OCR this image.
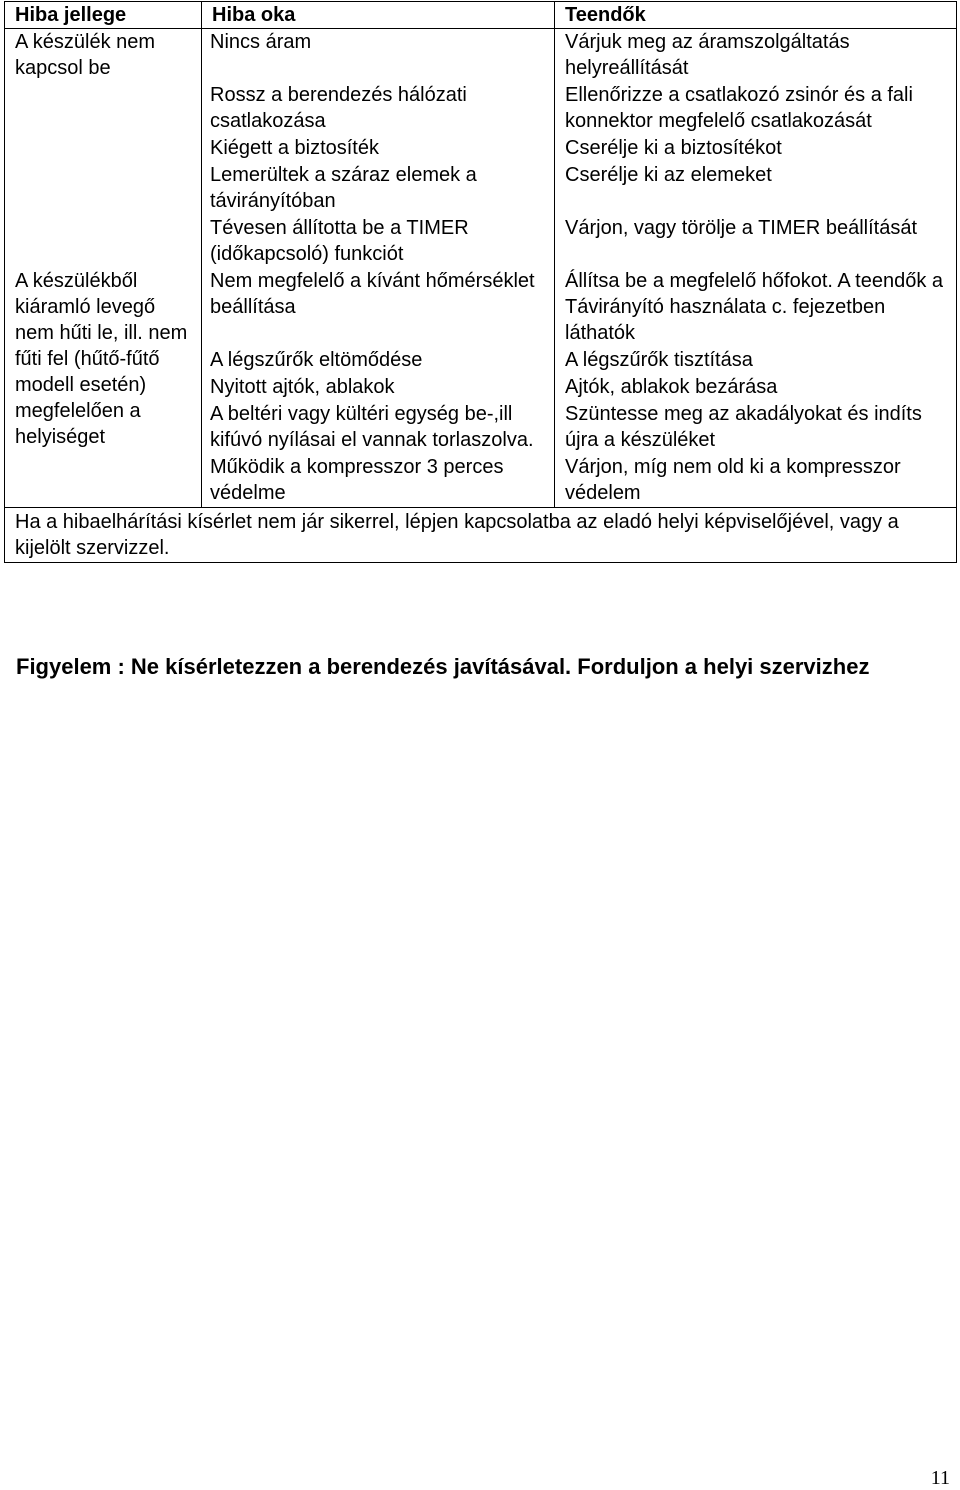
Hiba jellege	Hiba oka	Teendők
A készülék nem kapcsol be	Nincs áram	Várjuk meg az áramszolgáltatás helyreállítását
	Rossz a berendezés hálózati csatlakozása	Ellenőrizze a csatlakozó zsinór és a fali konnektor megfelelő csatlakozását
	Kiégett a biztosíték	Cserélje ki a biztosítékot
	Lemerültek a száraz elemek a távirányítóban	Cserélje ki az elemeket
	Tévesen állította be a TIMER (időkapcsoló) funkciót	Várjon, vagy törölje a TIMER beállítását
A készülékből kiáramló levegő nem hűti le, ill. nem fűti fel (hűtő-fűtő modell esetén) megfelelően a helyiséget	Nem megfelelő a kívánt hőmérséklet beállítása	Állítsa be a megfelelő hőfokot. A teendők a Távirányító használata c. fejezetben láthatók
	A légszűrők eltömődése	A légszűrők tisztítása
	Nyitott ajtók, ablakok	Ajtók, ablakok bezárása
	A beltéri vagy kültéri egység be-,ill kifúvó nyílásai el vannak torlaszolva.	Szüntesse meg az akadályokat és indíts újra a készüléket
	Működik a kompresszor 3 perces védelme	Várjon, míg nem old ki a kompresszor védelem
Ha a hibaelhárítási kísérlet nem jár sikerrel, lépjen kapcsolatba az eladó helyi képviselőjével, vagy a kijelölt szervizzel.		
Figyelem : Ne kísérletezzen a berendezés javításával. Forduljon a helyi szervizhez
11
